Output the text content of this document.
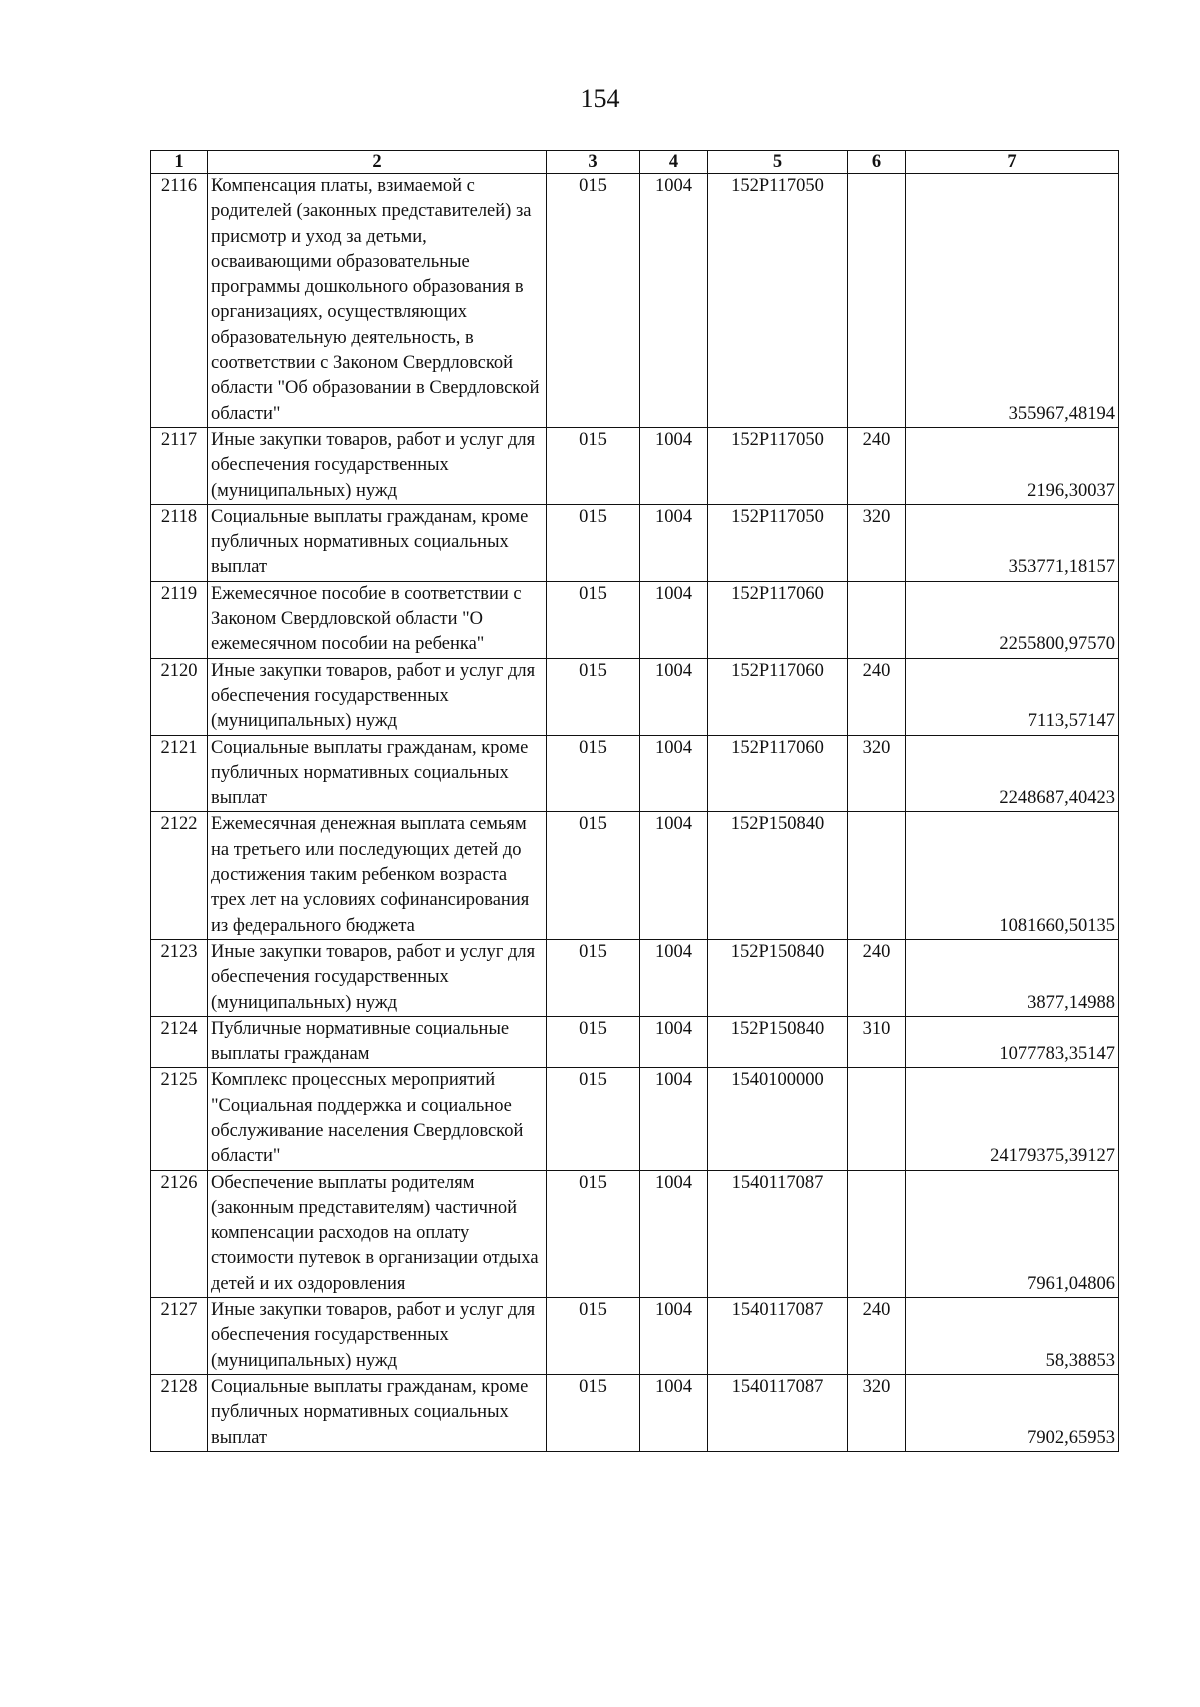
154
1	2	3	4	5	6	7
2116	Компенсация платы, взимаемой с родителей (законных представителей) за присмотр и уход за детьми, осваивающими образовательные программы дошкольного образования в организациях, осуществляющих образовательную деятельность, в соответствии с Законом Свердловской области "Об образовании в Свердловской области"	015	1004	152P117050		355967,48194
2117	Иные закупки товаров, работ и услуг для обеспечения государственных (муниципальных) нужд	015	1004	152P117050	240	2196,30037
2118	Социальные выплаты гражданам, кроме публичных нормативных социальных выплат	015	1004	152P117050	320	353771,18157
2119	Ежемесячное пособие в соответствии с Законом Свердловской области "О ежемесячном пособии на ребенка"	015	1004	152P117060		2255800,97570
2120	Иные закупки товаров, работ и услуг для обеспечения государственных (муниципальных) нужд	015	1004	152P117060	240	7113,57147
2121	Социальные выплаты гражданам, кроме публичных нормативных социальных выплат	015	1004	152P117060	320	2248687,40423
2122	Ежемесячная денежная выплата семьям на третьего или последующих детей до достижения таким ребенком возраста трех лет на условиях софинансирования из федерального бюджета	015	1004	152P150840		1081660,50135
2123	Иные закупки товаров, работ и услуг для обеспечения государственных (муниципальных) нужд	015	1004	152P150840	240	3877,14988
2124	Публичные нормативные социальные выплаты гражданам	015	1004	152P150840	310	1077783,35147
2125	Комплекс процессных мероприятий "Социальная поддержка и социальное обслуживание населения Свердловской области"	015	1004	1540100000		24179375,39127
2126	Обеспечение выплаты родителям (законным представителям) частичной компенсации расходов на оплату стоимости путевок в организации отдыха детей и их оздоровления	015	1004	1540117087		7961,04806
2127	Иные закупки товаров, работ и услуг для обеспечения государственных (муниципальных) нужд	015	1004	1540117087	240	58,38853
2128	Социальные выплаты гражданам, кроме публичных нормативных социальных выплат	015	1004	1540117087	320	7902,65953
